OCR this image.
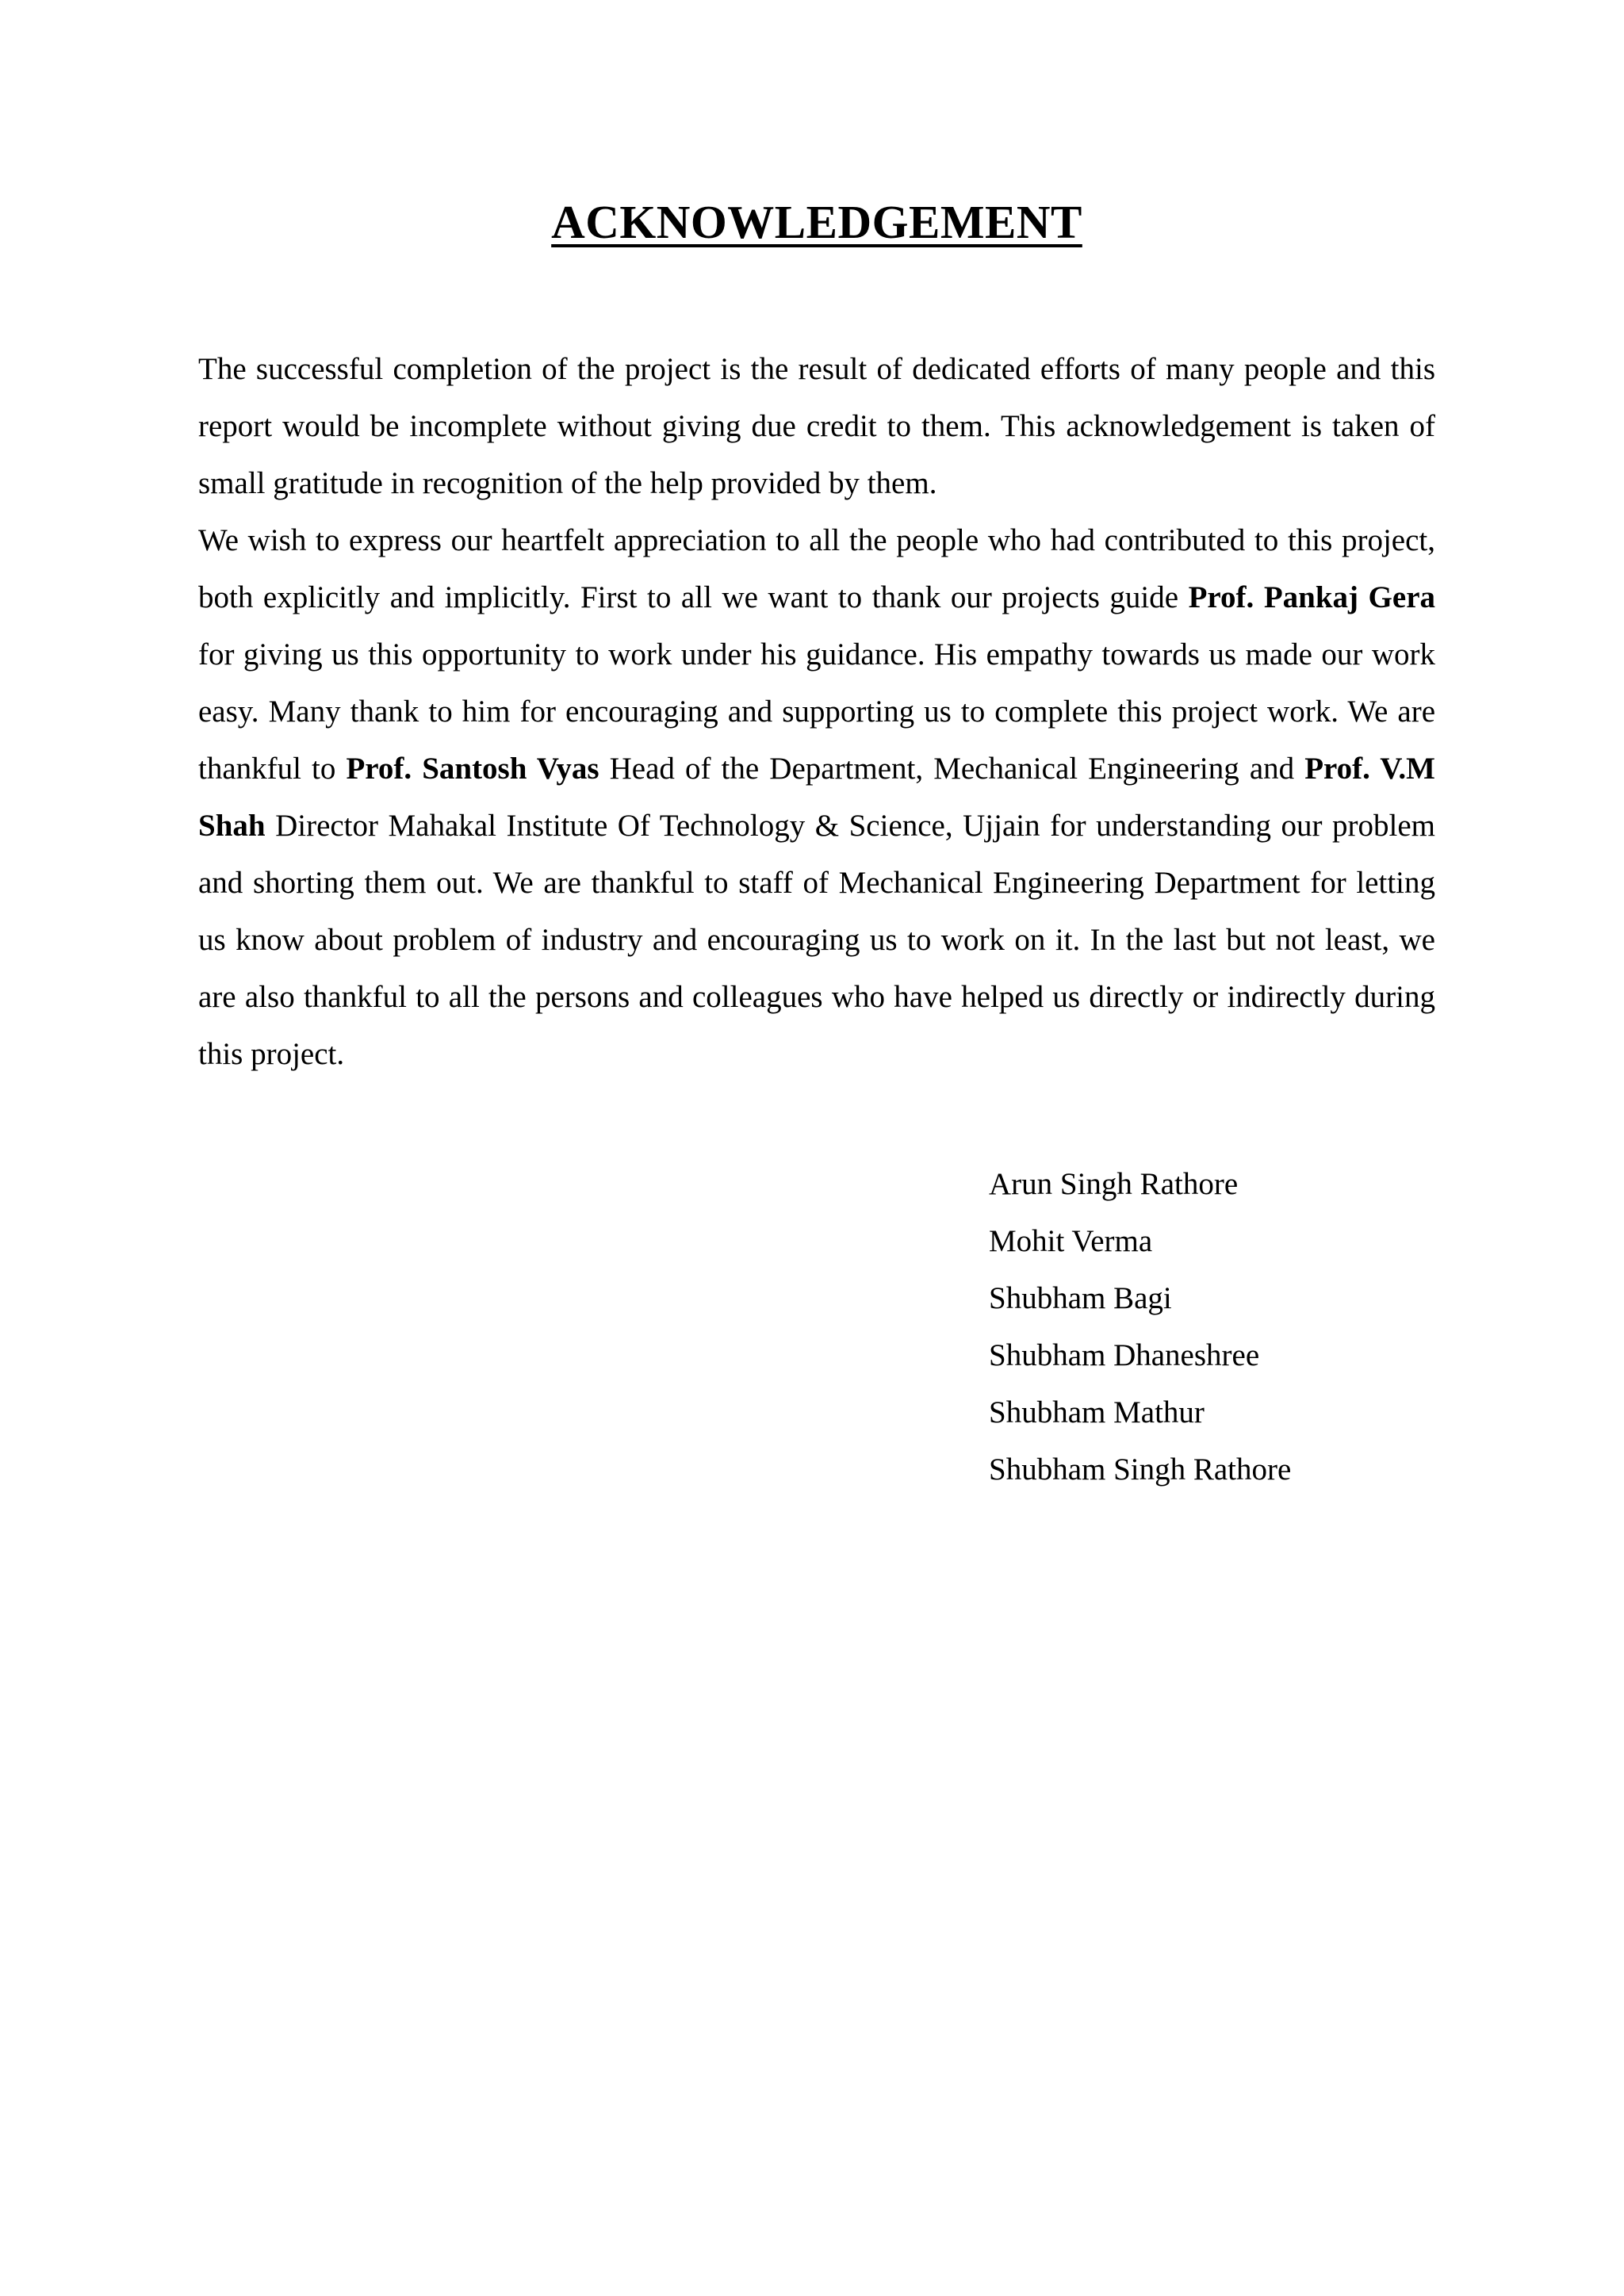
ACKNOWLEDGEMENT

The successful completion of the project is the result of dedicated efforts of many people and this report would be incomplete without giving due credit to them. This acknowledgement is taken of small gratitude in recognition of the help provided by them.

We wish to express our heartfelt appreciation to all the people who had contributed to this project, both explicitly and implicitly. First to all we want to thank our projects guide Prof. Pankaj Gera for giving us this opportunity to work under his guidance. His empathy towards us made our work easy. Many thank to him for encouraging and supporting us to complete this project work. We are thankful to Prof. Santosh Vyas Head of the Department, Mechanical Engineering and Prof. V.M Shah Director Mahakal Institute Of Technology & Science, Ujjain for understanding our problem and shorting them out. We are thankful to staff of Mechanical Engineering Department for letting us know about problem of industry and encouraging us to work on it. In the last but not least, we are also thankful to all the persons and colleagues who have helped us directly or indirectly during this project.

Arun Singh Rathore
Mohit Verma
Shubham Bagi
Shubham Dhaneshree
Shubham Mathur
Shubham Singh Rathore
